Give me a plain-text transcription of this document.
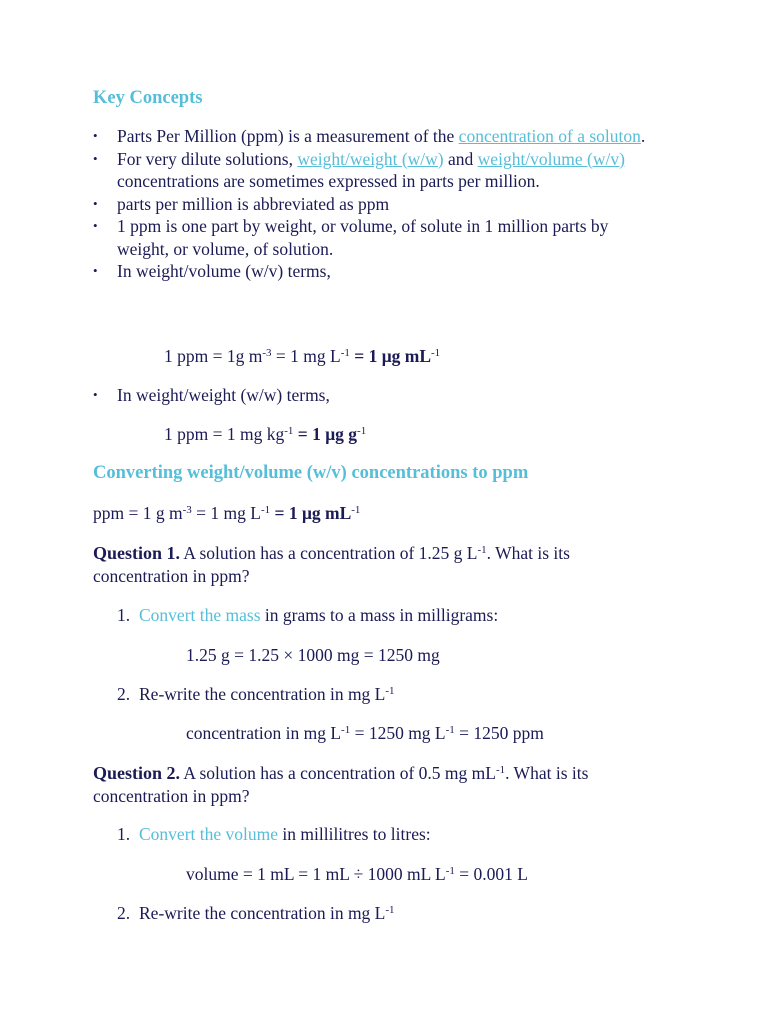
Key Concepts
• Parts Per Million (ppm) is a measurement of the concentration of a soluton.
• For very dilute solutions, weight/weight (w/w) and weight/volume (w/v) concentrations are sometimes expressed in parts per million.
• parts per million is abbreviated as ppm
• 1 ppm is one part by weight, or volume, of solute in 1 million parts by weight, or volume, of solution.
• In weight/volume (w/v) terms,
1 ppm = 1g $m^{-3} = 1$ mg $L^{-1} = 1$ μg $mL^{-1}$
• In weight/weight (w/w) terms,
1 ppm = 1 mg $kg^{-1} = 1$ μg $g^{-1}$
Converting weight/volume (w/v) concentrations to ppm
ppm = 1 g $m^{-3} = 1$ mg $L^{-1} = 1$ μg $mL^{-1}$
Question 1. A solution has a concentration of 1.25 g $L^{-1}$. What is its concentration in ppm?
1. Convert the mass in grams to a mass in milligrams:
1.25 g = 1.25 × 1000 mg = 1250 mg
2. Re-write the concentration in mg $L^{-1}$
concentration in mg $L^{-1} = 1250$ mg $L^{-1} = 1250$ ppm
Question 2. A solution has a concentration of 0.5 mg $mL^{-1}$. What is its concentration in ppm?
1. Convert the volume in millilitres to litres:
volume = 1 mL = 1 mL ÷ 1000 mL $L^{-1} = 0.001$ L
2. Re-write the concentration in mg $L^{-1}$
